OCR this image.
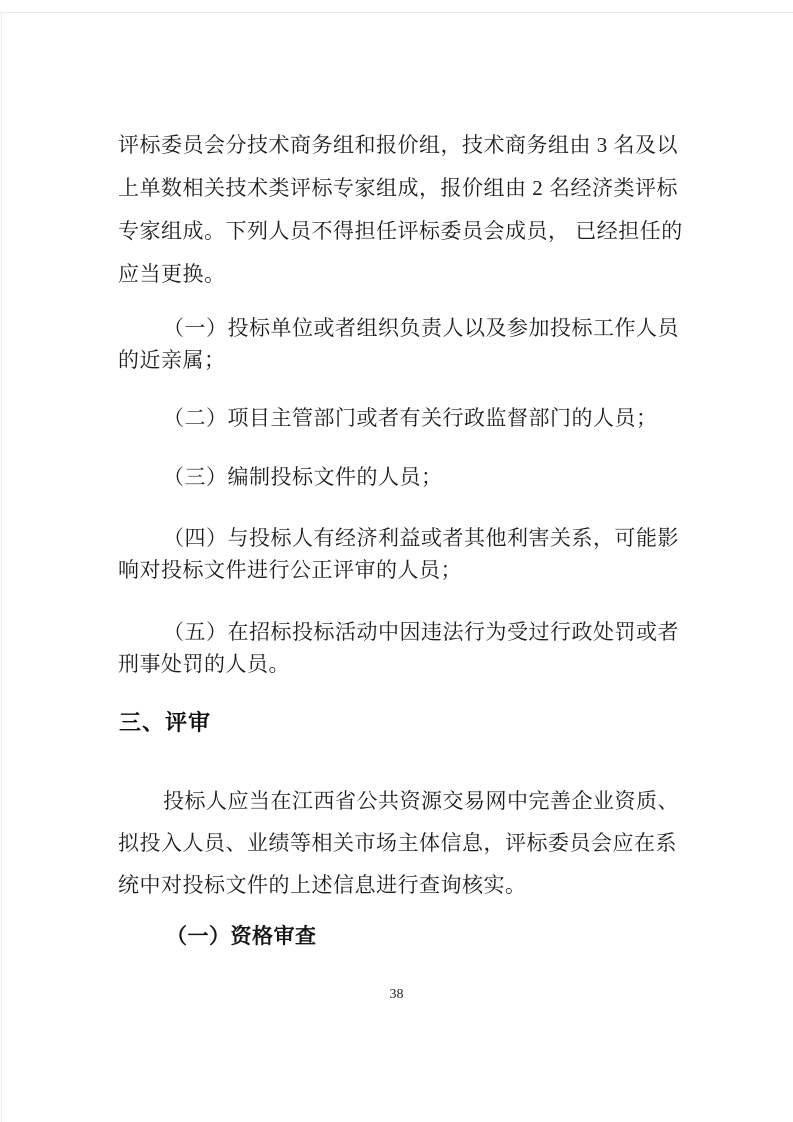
评标委员会分技术商务组和报价组，技术商务组由 3 名及以
上单数相关技术类评标专家组成，报价组由 2 名经济类评标
专家组成。下列人员不得担任评标委员会成员， 已经担任的
应当更换。
（一）投标单位或者组织负责人以及参加投标工作人员
的近亲属；
（二）项目主管部门或者有关行政监督部门的人员；
（三）编制投标文件的人员；
（四）与投标人有经济利益或者其他利害关系，可能影
响对投标文件进行公正评审的人员；
（五）在招标投标活动中因违法行为受过行政处罚或者
刑事处罚的人员。
三、评审
投标人应当在江西省公共资源交易网中完善企业资质、
拟投入人员、业绩等相关市场主体信息，评标委员会应在系
统中对投标文件的上述信息进行查询核实。
（一）资格审查
38
